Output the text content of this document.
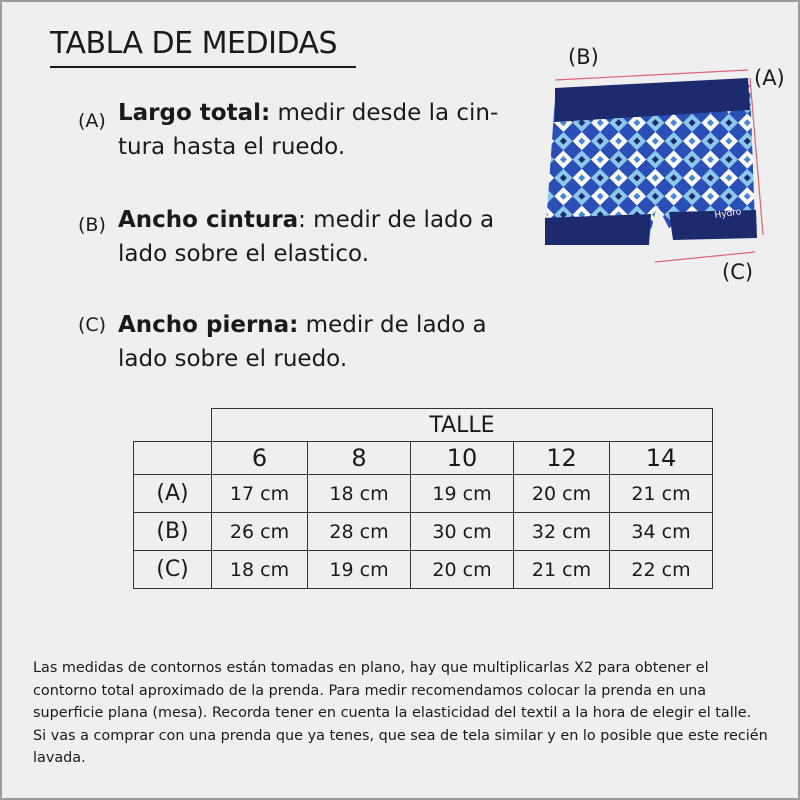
TABLA DE MEDIDAS
(A) Largo total: medir desde la cin-tura hasta el ruedo.
(B) Ancho cintura: medir de lado a lado sobre el elastico.
(C) Ancho pierna: medir de lado a lado sobre el ruedo.
Hydro
(B)
(A)
(C)
	TALLE				
	6	8	10	12	14
(A)	17 cm	18 cm	19 cm	20 cm	21 cm
(B)	26 cm	28 cm	30 cm	32 cm	34 cm
(C)	18 cm	19 cm	20 cm	21 cm	22 cm
Las medidas de contornos están tomadas en plano, hay que multiplicarlas X2 para obtener el contorno total aproximado de la prenda. Para medir recomendamos colocar la prenda en una superficie plana (mesa). Recorda tener en cuenta la elasticidad del textil a la hora de elegir el talle. Si vas a comprar con una prenda que ya tenes, que sea de tela similar y en lo posible que este recién lavada.
